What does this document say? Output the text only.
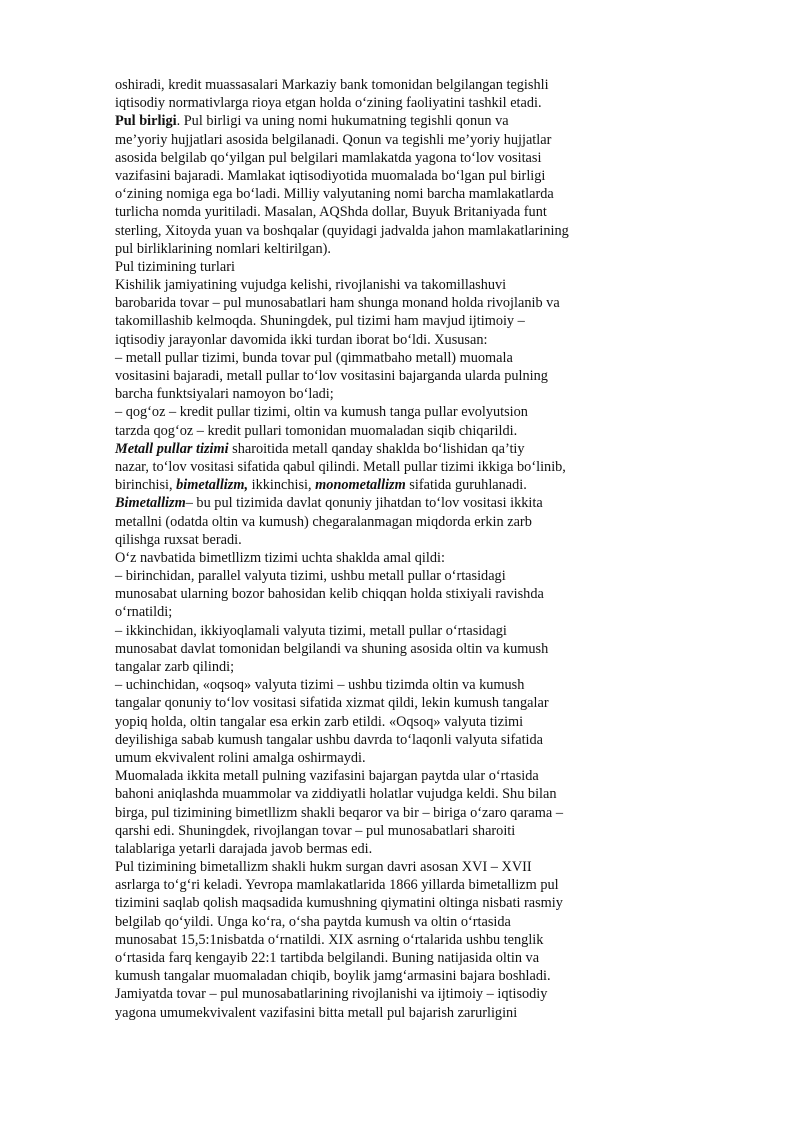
oshiradi, kredit muassasalari Markaziy bank tomonidan belgilangan tegishli
iqtisodiy normativlarga rioya etgan holda oʻzining faoliyatini tashkil etadi.
Pul birligi. Pul birligi va uning nomi hukumatning tegishli qonun va
me’yoriy hujjatlari asosida belgilanadi. Qonun va tegishli me’yoriy hujjatlar
asosida belgilab qoʻyilgan pul belgilari mamlakatda yagona toʻlov vositasi
vazifasini bajaradi. Mamlakat iqtisodiyotida muomalada boʻlgan pul birligi
oʻzining nomiga ega boʻladi. Milliy valyutaning nomi barcha mamlakatlarda
turlicha nomda yuritiladi. Masalan, AQShda dollar, Buyuk Britaniyada funt
sterling, Xitoyda yuan va boshqalar (quyidagi jadvalda jahon mamlakatlarining
pul birliklarining nomlari keltirilgan).
Pul tizimining turlari
Kishilik jamiyatining vujudga kelishi, rivojlanishi va takomillashuvi
barobarida tovar – pul munosabatlari ham shunga monand holda rivojlanib va
takomillashib kelmoqda. Shuningdek, pul tizimi ham mavjud ijtimoiy –
iqtisodiy jarayonlar davomida ikki turdan iborat boʻldi. Xususan:
– metall pullar tizimi, bunda tovar pul (qimmatbaho metall) muomala
vositasini bajaradi, metall pullar toʻlov vositasini bajarganda ularda pulning
barcha funktsiyalari namoyon boʻladi;
– qogʻoz – kredit pullar tizimi, oltin va kumush tanga pullar evolyutsion
tarzda qogʻoz – kredit pullari tomonidan muomaladan siqib chiqarildi.
Metall pullar tizimi sharoitida metall qanday shaklda boʻlishidan qa’tiy
nazar, toʻlov vositasi sifatida qabul qilindi. Metall pullar tizimi ikkiga boʻlinib,
birinchisi, bimetallizm, ikkinchisi, monometallizm sifatida guruhlanadi.
Bimetallizm– bu pul tizimida davlat qonuniy jihatdan toʻlov vositasi ikkita
metallni (odatda oltin va kumush) chegaralanmagan miqdorda erkin zarb
qilishga ruxsat beradi.
Oʻz navbatida bimetllizm tizimi uchta shaklda amal qildi:
– birinchidan, parallel valyuta tizimi, ushbu metall pullar oʻrtasidagi
munosabat ularning bozor bahosidan kelib chiqqan holda stixiyali ravishda
oʻrnatildi;
– ikkinchidan, ikkiyoqlamali valyuta tizimi, metall pullar oʻrtasidagi
munosabat davlat tomonidan belgilandi va shuning asosida oltin va kumush
tangalar zarb qilindi;
– uchinchidan, «oqsoq» valyuta tizimi – ushbu tizimda oltin va kumush
tangalar qonuniy toʻlov vositasi sifatida xizmat qildi, lekin kumush tangalar
yopiq holda, oltin tangalar esa erkin zarb etildi. «Oqsoq» valyuta tizimi
deyilishiga sabab kumush tangalar ushbu davrda toʻlaqonli valyuta sifatida
umum ekvivalent rolini amalga oshirmaydi.
Muomalada ikkita metall pulning vazifasini bajargan paytda ular oʻrtasida
bahoni aniqlashda muammolar va ziddiyatli holatlar vujudga keldi. Shu bilan
birga, pul tizimining bimetllizm shakli beqaror va bir – biriga oʻzaro qarama –
qarshi edi. Shuningdek, rivojlangan tovar – pul munosabatlari sharoiti
talablariga yetarli darajada javob bermas edi.
Pul tizimining bimetallizm shakli hukm surgan davri asosan XVI – XVII
asrlarga toʻgʻri keladi. Yevropa mamlakatlarida 1866 yillarda bimetallizm pul
tizimini saqlab qolish maqsadida kumushning qiymatini oltinga nisbati rasmiy
belgilab qoʻyildi. Unga koʻra, oʻsha paytda kumush va oltin oʻrtasida
munosabat 15,5:1nisbatda oʻrnatildi. XIX asrning oʻrtalarida ushbu tenglik
oʻrtasida farq kengayib 22:1 tartibda belgilandi. Buning natijasida oltin va
kumush tangalar muomaladan chiqib, boylik jamgʻarmasini bajara boshladi.
Jamiyatda tovar – pul munosabatlarining rivojlanishi va ijtimoiy – iqtisodiy
yagona umumekvivalent vazifasini bitta metall pul bajarish zarurligini
